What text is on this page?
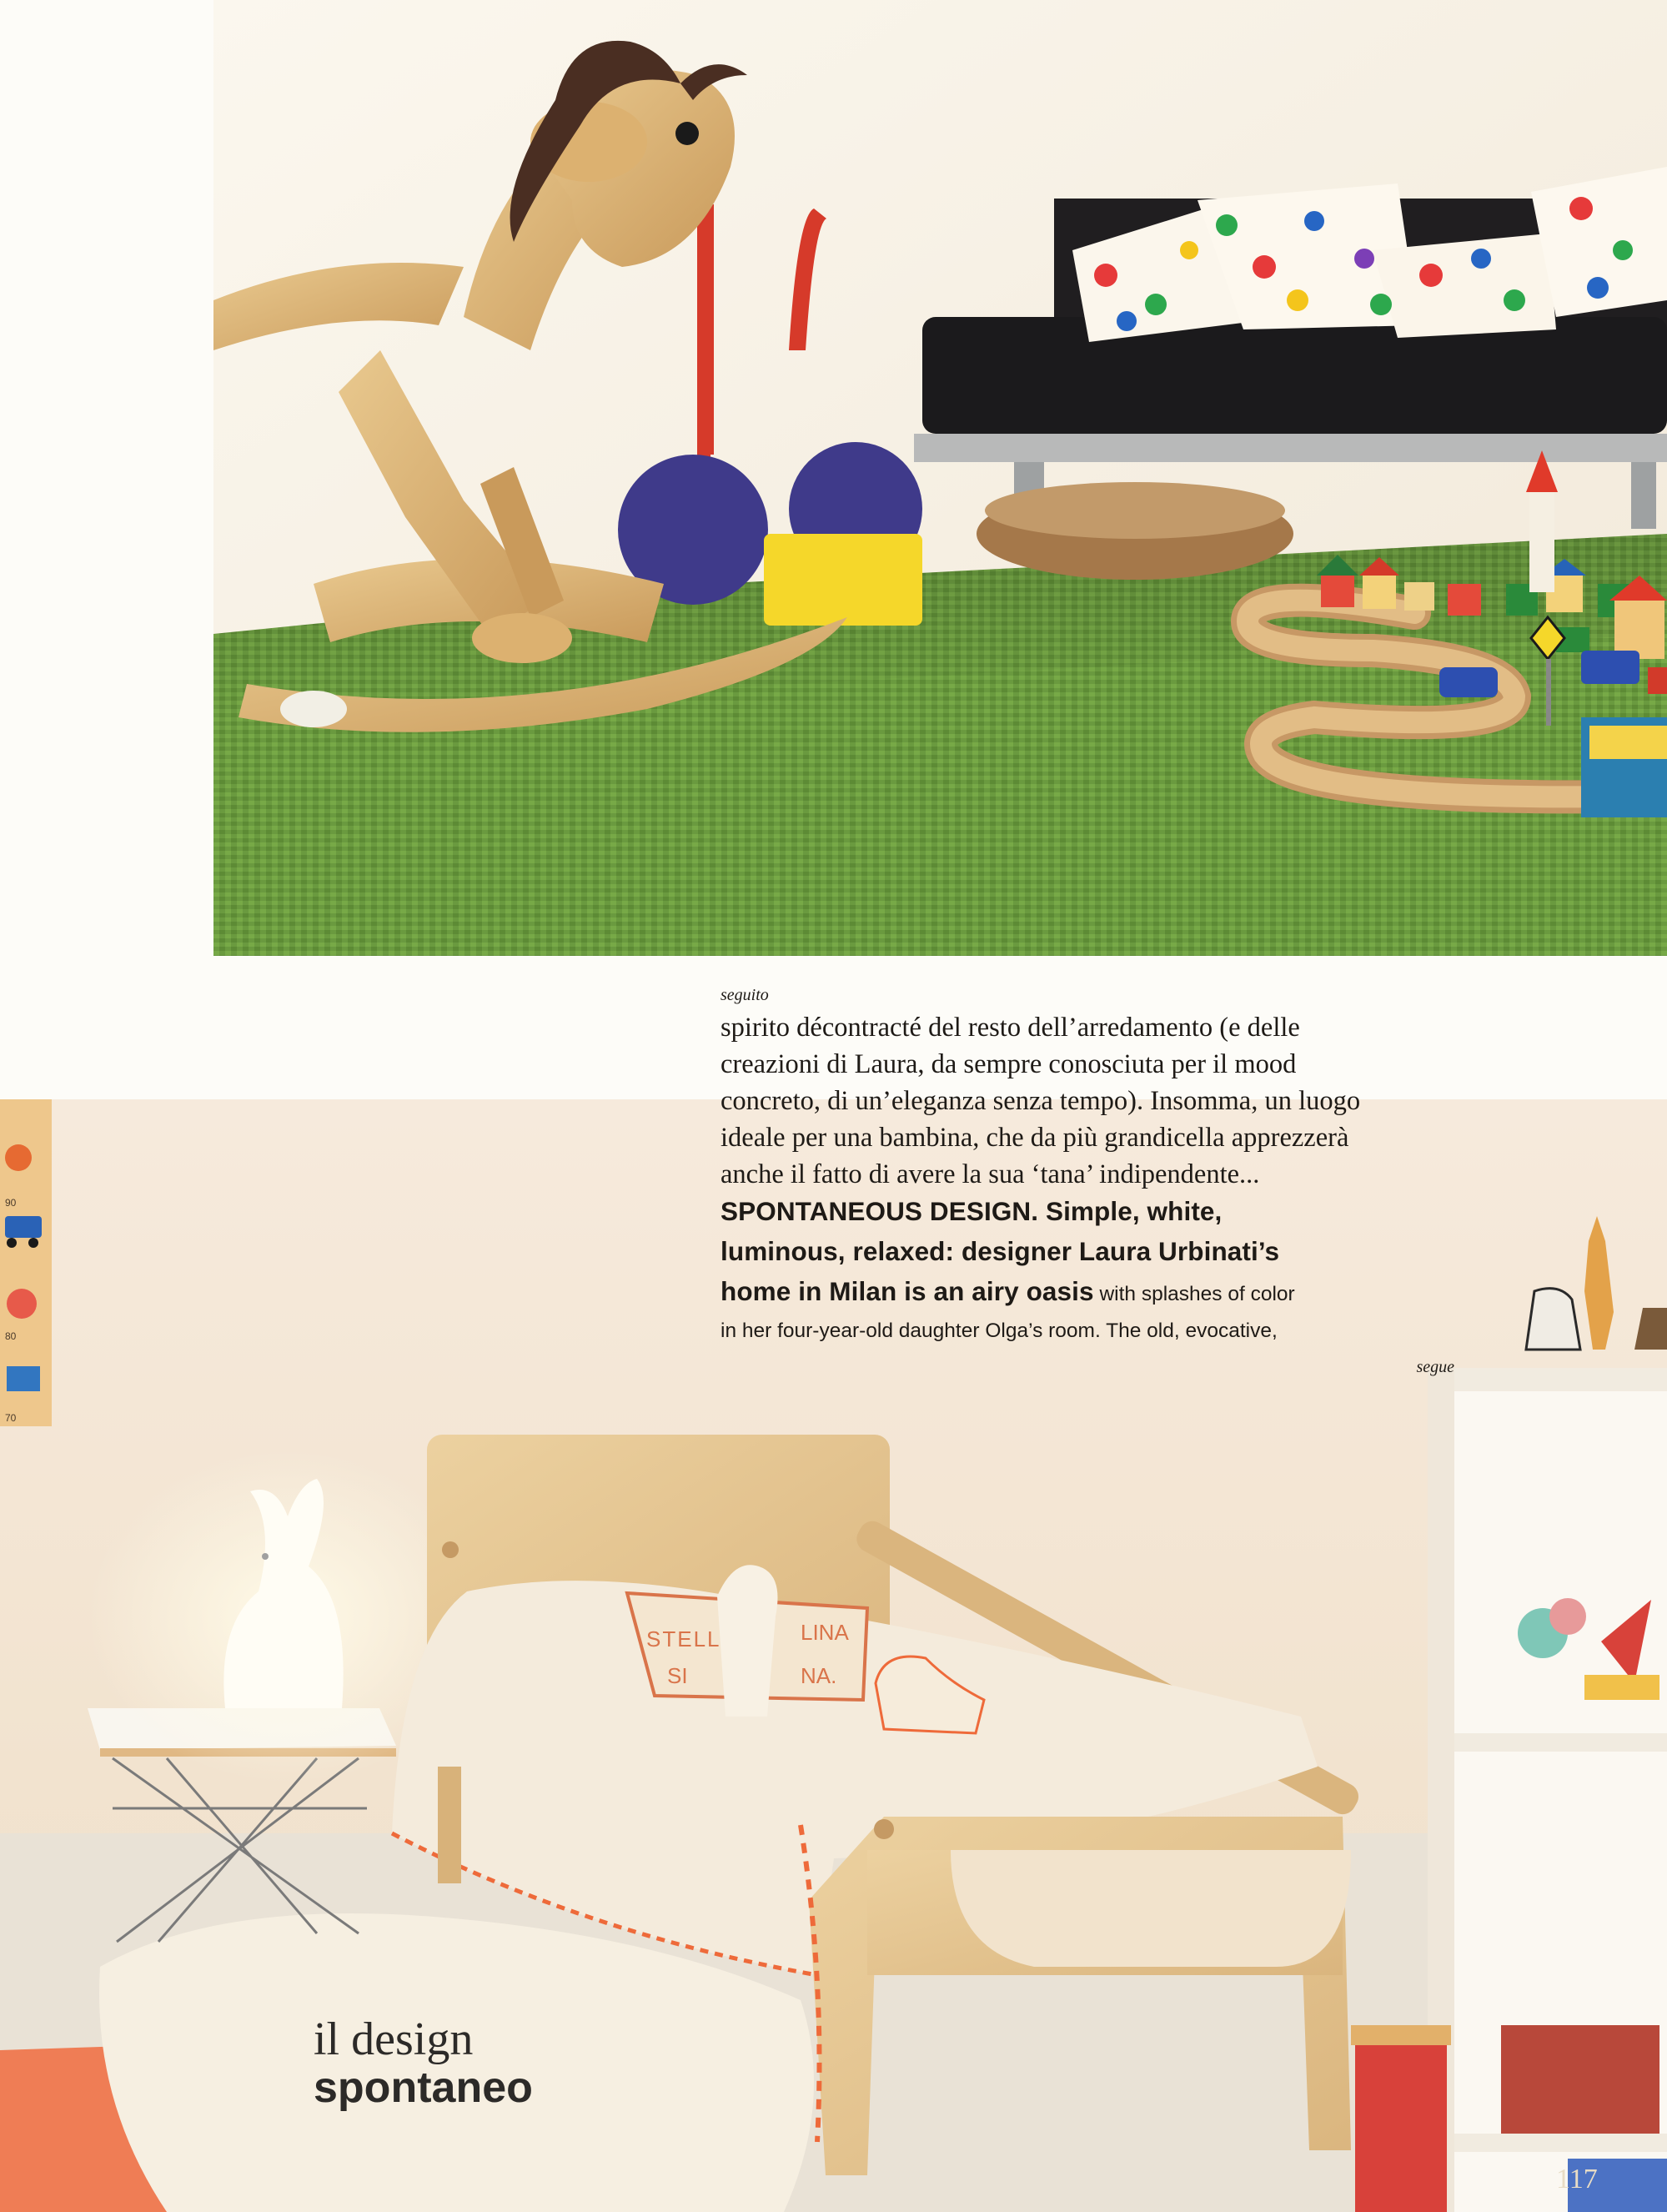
90
80
70
STELL	LINA
SI	NA.

seguito

spirito décontracté del resto dell’arredamento (e delle
creazioni di Laura, da sempre conosciuta per il mood
concreto, di un’eleganza senza tempo). Insomma, un luogo
ideale per una bambina, che da più grandicella apprezzerà
anche il fatto di avere la sua ‘tana’ indipendente...

SPONTANEOUS DESIGN. Simple, white,
luminous, relaxed: designer Laura Urbinati’s
home in Milan is an airy oasis with splashes of color
in her four-year-old daughter Olga’s room. The old, evocative,

segue

il design
spontaneo
117
